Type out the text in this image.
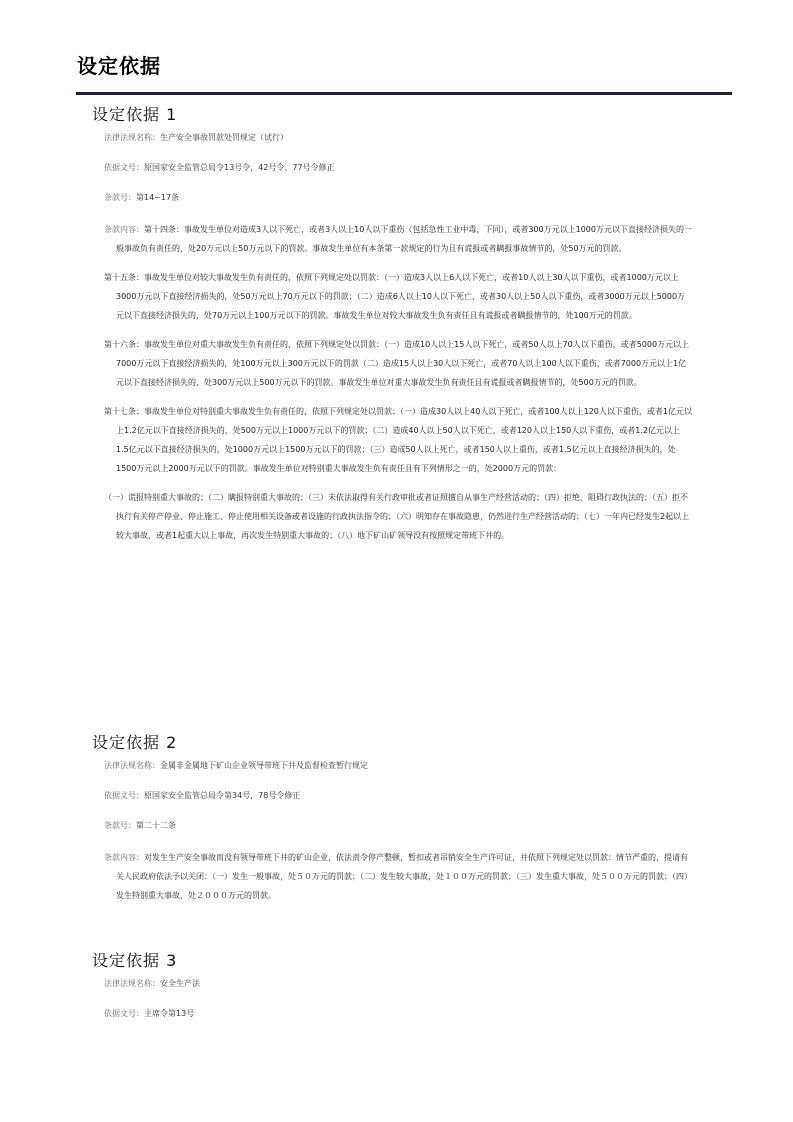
设定依据
设定依据 1
法律法规名称：生产安全事故罚款处罚规定（试行）
依据文号：原国家安全监管总局令13号令，42号令、77号令修正
条款号：第14~17条
条款内容：第十四条：事故发生单位对造成3人以下死亡，或者3人以上10人以下重伤（包括急性工业中毒，下同），或者300万元以上1000万元以下直接经济损失的一般事故负有责任的，处20万元以上50万元以下的罚款。事故发生单位有本条第一款规定的行为且有谎报或者瞒报事故情节的，处50万元的罚款。
第十五条：事故发生单位对较大事故发生负有责任的，依照下列规定处以罚款：（一）造成3人以上6人以下死亡，或者10人以上30人以下重伤，或者1000万元以上3000万元以下直接经济损失的，处50万元以上70万元以下的罚款；（二）造成6人以上10人以下死亡，或者30人以上50人以下重伤，或者3000万元以上5000万元以下直接经济损失的，处70万元以上100万元以下的罚款。事故发生单位对较大事故发生负有责任且有谎报或者瞒报情节的，处100万元的罚款。
第十六条：事故发生单位对重大事故发生负有责任的，依照下列规定处以罚款：（一）造成10人以上15人以下死亡，或者50人以上70人以下重伤，或者5000万元以上7000万元以下直接经济损失的，处100万元以上300万元以下的罚款（二）造成15人以上30人以下死亡，或者70人以上100人以下重伤，或者7000万元以上1亿元以下直接经济损失的，处300万元以上500万元以下的罚款。事故发生单位对重大事故发生负有责任且有谎报或者瞒报情节的，处500万元的罚款。
第十七条：事故发生单位对特别重大事故发生负有责任的，依照下列规定处以罚款：（一）造成30人以上40人以下死亡，或者100人以上120人以下重伤，或者1亿元以上1.2亿元以下直接经济损失的，处500万元以上1000万元以下的罚款；（二）造成40人以上50人以下死亡，或者120人以上150人以下重伤，或者1.2亿元以上1.5亿元以下直接经济损失的，处1000万元以上1500万元以下的罚款；（三）造成50人以上死亡，或者150人以上重伤，或者1.5亿元以上直接经济损失的，处1500万元以上2000万元以下的罚款。事故发生单位对特别重大事故发生负有责任且有下列情形之一的，处2000万元的罚款：
（一）谎报特别重大事故的；（二）瞒报特别重大事故的；（三）未依法取得有关行政审批或者证照擅自从事生产经营活动的；（四）拒绝、阻碍行政执法的；（五）拒不执行有关停产停业、停止施工、停止使用相关设备或者设施的行政执法指令的；（六）明知存在事故隐患，仍然进行生产经营活动的；（七）一年内已经发生2起以上较大事故，或者1起重大以上事故，再次发生特别重大事故的；（八）地下矿山矿领导没有按照规定带班下井的。
设定依据 2
法律法规名称：金属非金属地下矿山企业领导带班下井及监督检查暂行规定
依据文号：原国家安全监管总局令第34号，78号令修正
条款号：第二十二条
条款内容：对发生生产安全事故而没有领导带班下井的矿山企业，依法责令停产整顿，暂扣或者吊销安全生产许可证，并依照下列规定处以罚款：情节严重的，提请有关人民政府依法予以关闭：（一）发生一般事故，处５０万元的罚款；（二）发生较大事故，处１００万元的罚款；（三）发生重大事故，处５００万元的罚款；（四）发生特别重大事故，处２０００万元的罚款。
设定依据 3
法律法规名称：安全生产法
依据文号：主席令第13号
